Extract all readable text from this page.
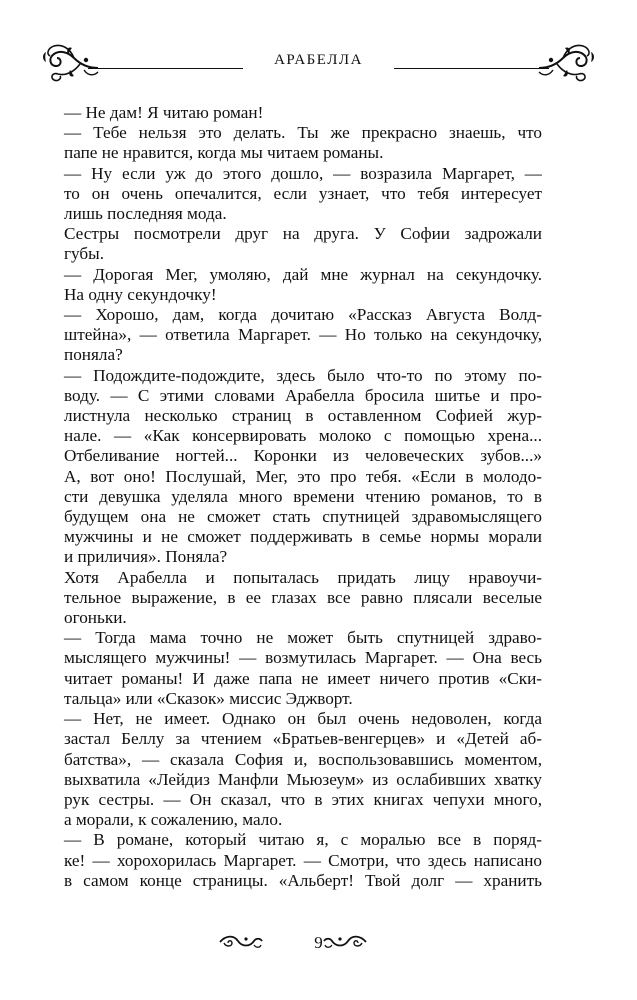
АРАБЕЛЛА
— Не дам! Я читаю роман!
— Тебе нельзя это делать. Ты же прекрасно знаешь, что
папе не нравится, когда мы читаем романы.
— Ну если уж до этого дошло, — возразила Маргарет, —
то он очень опечалится, если узнает, что тебя интересует
лишь последняя мода.
Сестры посмотрели друг на друга. У Софии задрожали
губы.
— Дорогая Мег, умоляю, дай мне журнал на секундочку.
На одну секундочку!
— Хорошо, дам, когда дочитаю «Рассказ Августа Волд-
штейна», — ответила Маргарет. — Но только на секундочку,
поняла?
— Подождите-подождите, здесь было что-то по этому по-
воду. — С этими словами Арабелла бросила шитье и про-
листнула несколько страниц в оставленном Софией жур-
нале. — «Как консервировать молоко с помощью хрена...
Отбеливание ногтей... Коронки из человеческих зубов...»
А, вот оно! Послушай, Мег, это про тебя. «Если в молодо-
сти девушка уделяла много времени чтению романов, то в
будущем она не сможет стать спутницей здравомыслящего
мужчины и не сможет поддерживать в семье нормы морали
и приличия». Поняла?
Хотя Арабелла и попыталась придать лицу нравоучи-
тельное выражение, в ее глазах все равно плясали веселые
огоньки.
— Тогда мама точно не может быть спутницей здраво-
мыслящего мужчины! — возмутилась Маргарет. — Она весь
читает романы! И даже папа не имеет ничего против «Ски-
тальца» или «Сказок» миссис Эджворт.
— Нет, не имеет. Однако он был очень недоволен, когда
застал Беллу за чтением «Братьев-венгерцев» и «Детей аб-
батства», — сказала София и, воспользовавшись моментом,
выхватила «Лейдиз Манфли Мьюзеум» из ослабивших хватку
рук сестры. — Он сказал, что в этих книгах чепухи много,
а морали, к сожалению, мало.
— В романе, который читаю я, с моралью все в поряд-
ке! — хорохорилась Маргарет. — Смотри, что здесь написано
в самом конце страницы. «Альберт! Твой долг — хранить
9
